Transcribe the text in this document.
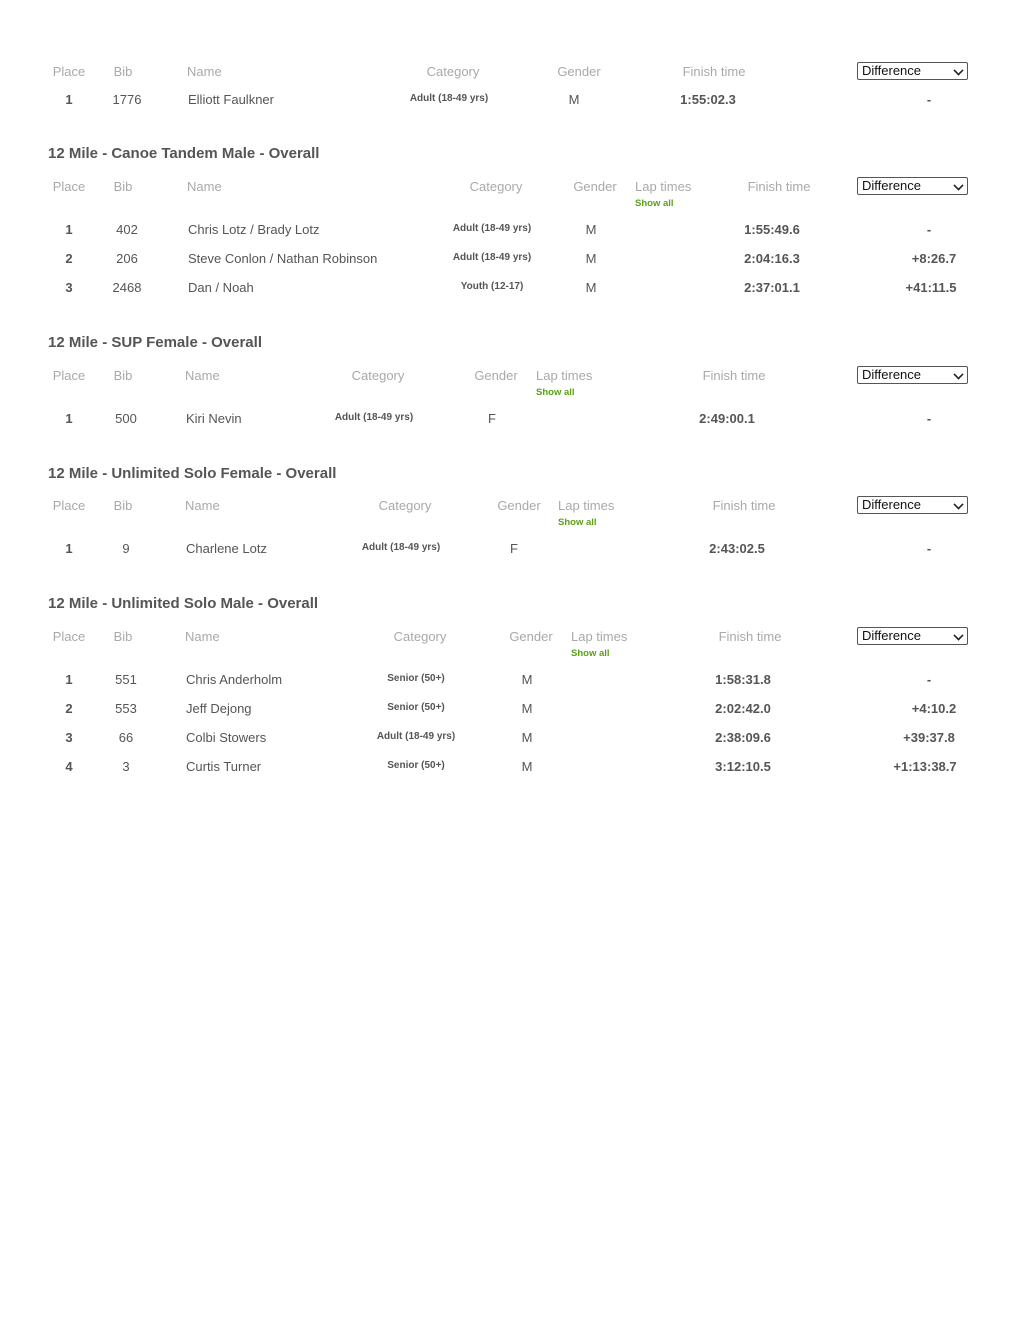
Place Bib	Name	Category	Gender	Finish time	Difference
1	1776	Elliott Faulkner	Adult (18-49 yrs)	M	1:55:02.3	-
12 Mile - Canoe Tandem Male - Overall
Place Bib	Name	Category	Gender Lap times
Show all
Finish time	Difference
1	402	Chris Lotz / Brady Lotz	Adult (18-49 yrs)	M	1:55:49.6	-
2	206	Steve Conlon / Nathan Robinson	Adult (18-49 yrs)	M	2:04:16.3	+8:26.7
3	2468	Dan / Noah	Youth (12-17)	M	2:37:01.1	+41:11.5
12 Mile - SUP Female - Overall
Place Bib	Name	Category	Gender Lap times
Show all
Finish time	Difference
1	500	Kiri Nevin	Adult (18-49 yrs)	F	2:49:00.1	-
12 Mile - Unlimited Solo Female - Overall
Place Bib	Name	Category	Gender Lap times
Show all
Finish time	Difference
1	9	Charlene Lotz	Adult (18-49 yrs)	F	2:43:02.5	-
12 Mile - Unlimited Solo Male - Overall
Place Bib	Name	Category	Gender Lap times
Show all
Finish time	Difference
1	551	Chris Anderholm	Senior (50+)	M	1:58:31.8	-
2	553	Jeff Dejong	Senior (50+)	M	2:02:42.0	+4:10.2
3	66	Colbi Stowers	Adult (18-49 yrs)	M	2:38:09.6	+39:37.8
4	3	Curtis Turner	Senior (50+)	M	3:12:10.5	+1:13:38.7
